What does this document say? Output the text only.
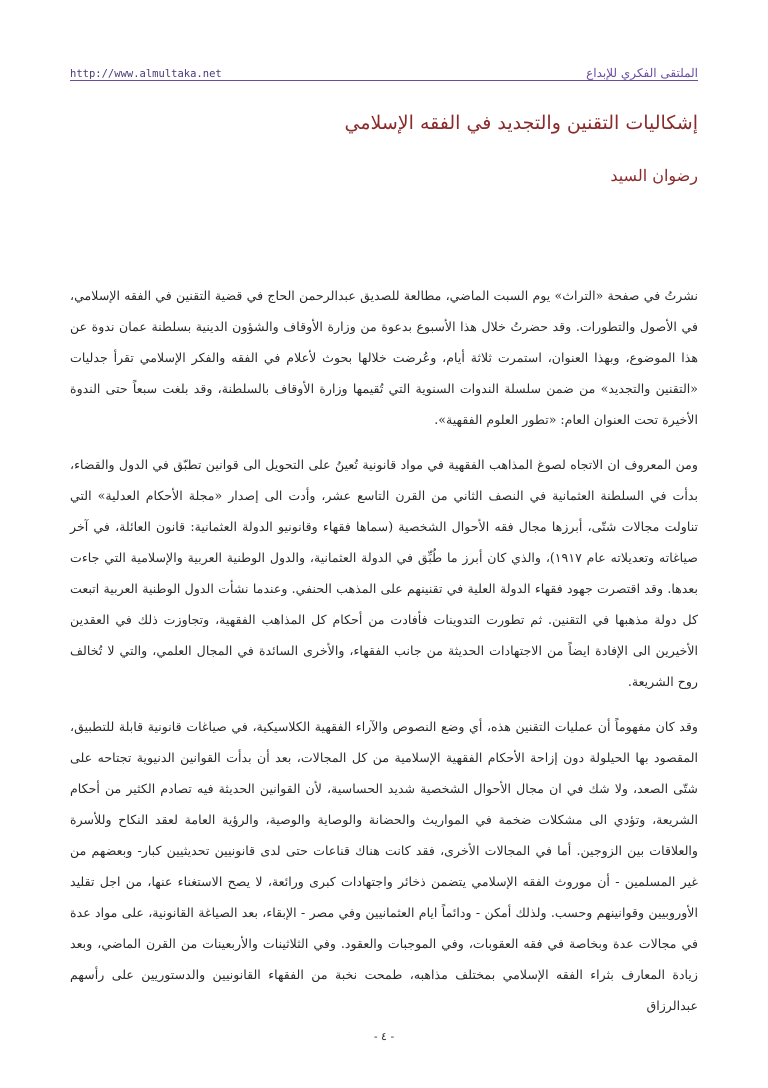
http://www.almultaka.net	الملتقى الفكري للإبداع
إشكاليات التقنين والتجديد في الفقه الإسلامي
رضوان السيد

نشرتُ في صفحة «التراث» يوم السبت الماضي، مطالعة للصديق عبدالرحمن الحاج في قضية التقنين في الفقه الإسلامي، في الأصول والتطورات. وقد حضرتُ خلال هذا الأسبوع بدعوة من وزارة الأوقاف والشؤون الدينية بسلطنة عمان ندوة عن هذا الموضوع، وبهذا العنوان، استمرت ثلاثة أيام، وعُرضت خلالها بحوث لأعلام في الفقه والفكر الإسلامي تقرأ جدليات «التقنين والتجديد» من ضمن سلسلة الندوات السنوية التي تُقيمها وزارة الأوقاف بالسلطنة، وقد بلغت سبعاً حتى الندوة الأخيرة تحت العنوان العام: «تطور العلوم الفقهية».

ومن المعروف ان الاتجاه لصوغ المذاهب الفقهية في مواد قانونية تُعينُ على التحويل الى قوانين تطبّق في الدول والقضاء، بدأت في السلطنة العثمانية في النصف الثاني من القرن التاسع عشر، وأدت الى إصدار «مجلة الأحكام العدلية» التي تناولت مجالات شتّى، أبرزها مجال فقه الأحوال الشخصية (سماها فقهاء وقانونيو الدولة العثمانية: قانون العائلة، في آخر صياغاته وتعديلاته عام ١٩١٧)، والذي كان أبرز ما طُبِّق في الدولة العثمانية، والدول الوطنية العربية والإسلامية التي جاءت بعدها. وقد اقتصرت جهود فقهاء الدولة العلية في تقنينهم على المذهب الحنفي. وعندما نشأت الدول الوطنية العربية اتبعت كل دولة مذهبها في التقنين. ثم تطورت التدوينات فأفادت من أحكام كل المذاهب الفقهية، وتجاوزت ذلك في العقدين الأخيرين الى الإفادة ايضاً من الاجتهادات الحديثة من جانب الفقهاء، والأخرى السائدة في المجال العلمي، والتي لا تُخالف روح الشريعة.

وقد كان مفهوماً أن عمليات التقنين هذه، أي وضع النصوص والآراء الفقهية الكلاسيكية، في صياغات قانونية قابلة للتطبيق، المقصود بها الحيلولة دون إزاحة الأحكام الفقهية الإسلامية من كل المجالات، بعد أن بدأت القوانين الدنيوية تجتاحه على شتّى الصعد، ولا شك في ان مجال الأحوال الشخصية شديد الحساسية، لأن القوانين الحديثة فيه تصادم الكثير من أحكام الشريعة، وتؤدي الى مشكلات ضخمة في المواريث والحضانة والوصاية والوصية، والرؤية العامة لعقد النكاح وللأسرة والعلاقات بين الزوجين. أما في المجالات الأخرى، فقد كانت هناك قناعات حتى لدى قانونيين تحديثيين كبار- وبعضهم من غير المسلمين - أن موروث الفقه الإسلامي يتضمن ذخائر واجتهادات كبرى ورائعة، لا يصح الاستغناء عنها، من اجل تقليد الأوروبيين وقوانينهم وحسب. ولذلك أمكن - ودائماً ايام العثمانيين وفي مصر - الإبقاء، بعد الصياغة القانونية، على مواد عدة في مجالات عدة وبخاصة في فقه العقوبات، وفي الموجبات والعقود. وفي الثلاثينات والأربعينات من القرن الماضي، وبعد زيادة المعارف بثراء الفقه الإسلامي بمختلف مذاهبه، طمحت نخبة من الفقهاء القانونيين والدستوريين على رأسهم عبدالرزاق

- ٤ -
